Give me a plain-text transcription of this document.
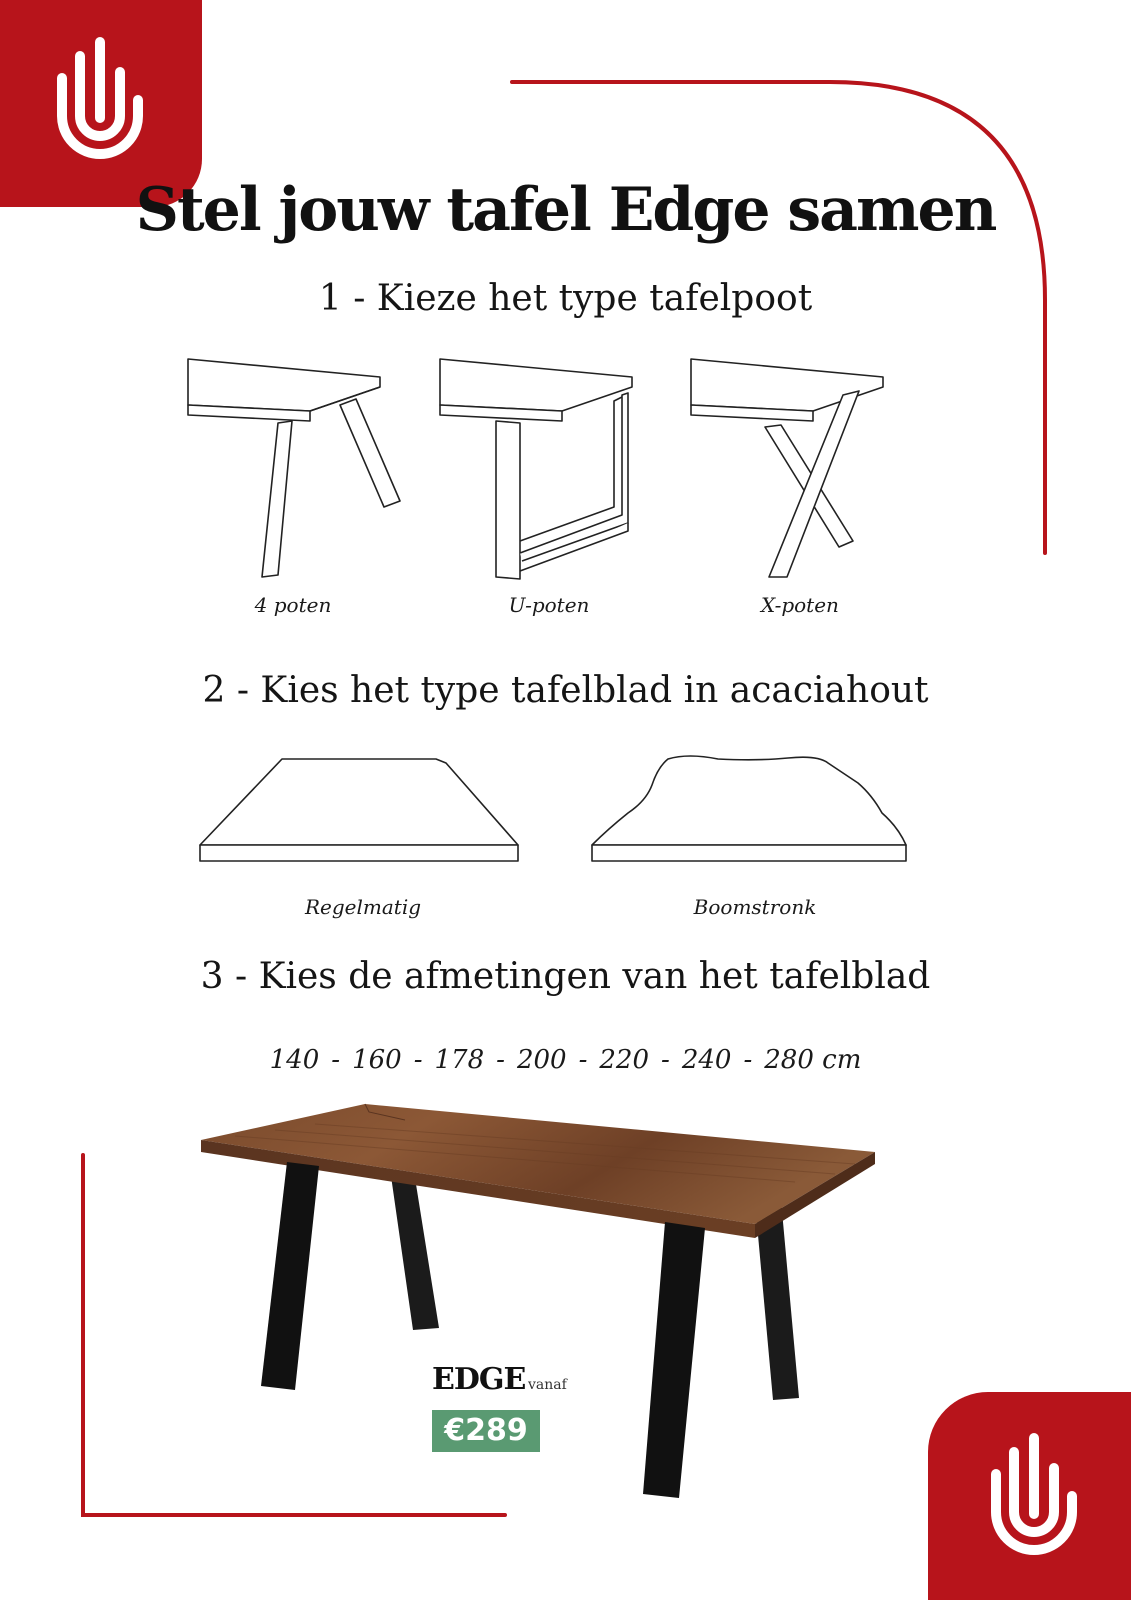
Stel jouw tafel Edge samen
1 - Kieze het type tafelpoot
4 poten	U-poten	X-poten
2 - Kies het type tafelblad in acaciahout
Regelmatig	Boomstronk
3 - Kies de afmetingen van het tafelblad

140 - 160 - 178 - 200 - 220 - 240 - 280 cm

EDGE vanaf
€289
